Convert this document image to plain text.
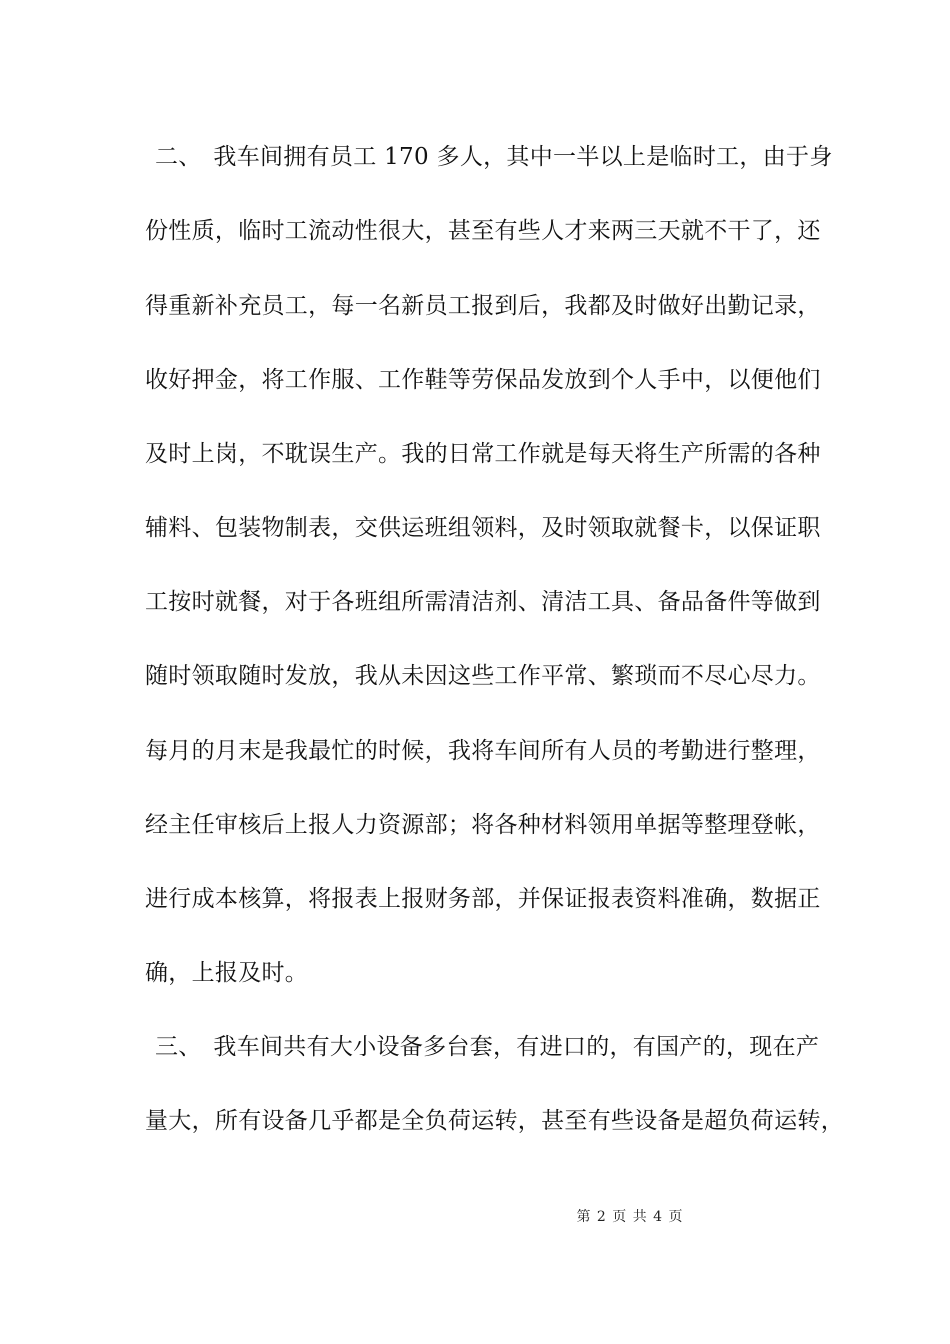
二、　我车间拥有员工 170 多人，其中一半以上是临时工，由于身
份性质，临时工流动性很大，甚至有些人才来两三天就不干了，还
得重新补充员工，每一名新员工报到后，我都及时做好出勤记录，
收好押金，将工作服、工作鞋等劳保品发放到个人手中，以便他们
及时上岗，不耽误生产。我的日常工作就是每天将生产所需的各种
辅料、包装物制表，交供运班组领料，及时领取就餐卡，以保证职
工按时就餐，对于各班组所需清洁剂、清洁工具、备品备件等做到
随时领取随时发放，我从未因这些工作平常、繁琐而不尽心尽力。
每月的月末是我最忙的时候，我将车间所有人员的考勤进行整理，
经主任审核后上报人力资源部；将各种材料领用单据等整理登帐，
进行成本核算，将报表上报财务部，并保证报表资料准确，数据正
确，上报及时。
三、　我车间共有大小设备多台套，有进口的，有国产的，现在产
量大，所有设备几乎都是全负荷运转，甚至有些设备是超负荷运转，
第 2 页 共 4 页
